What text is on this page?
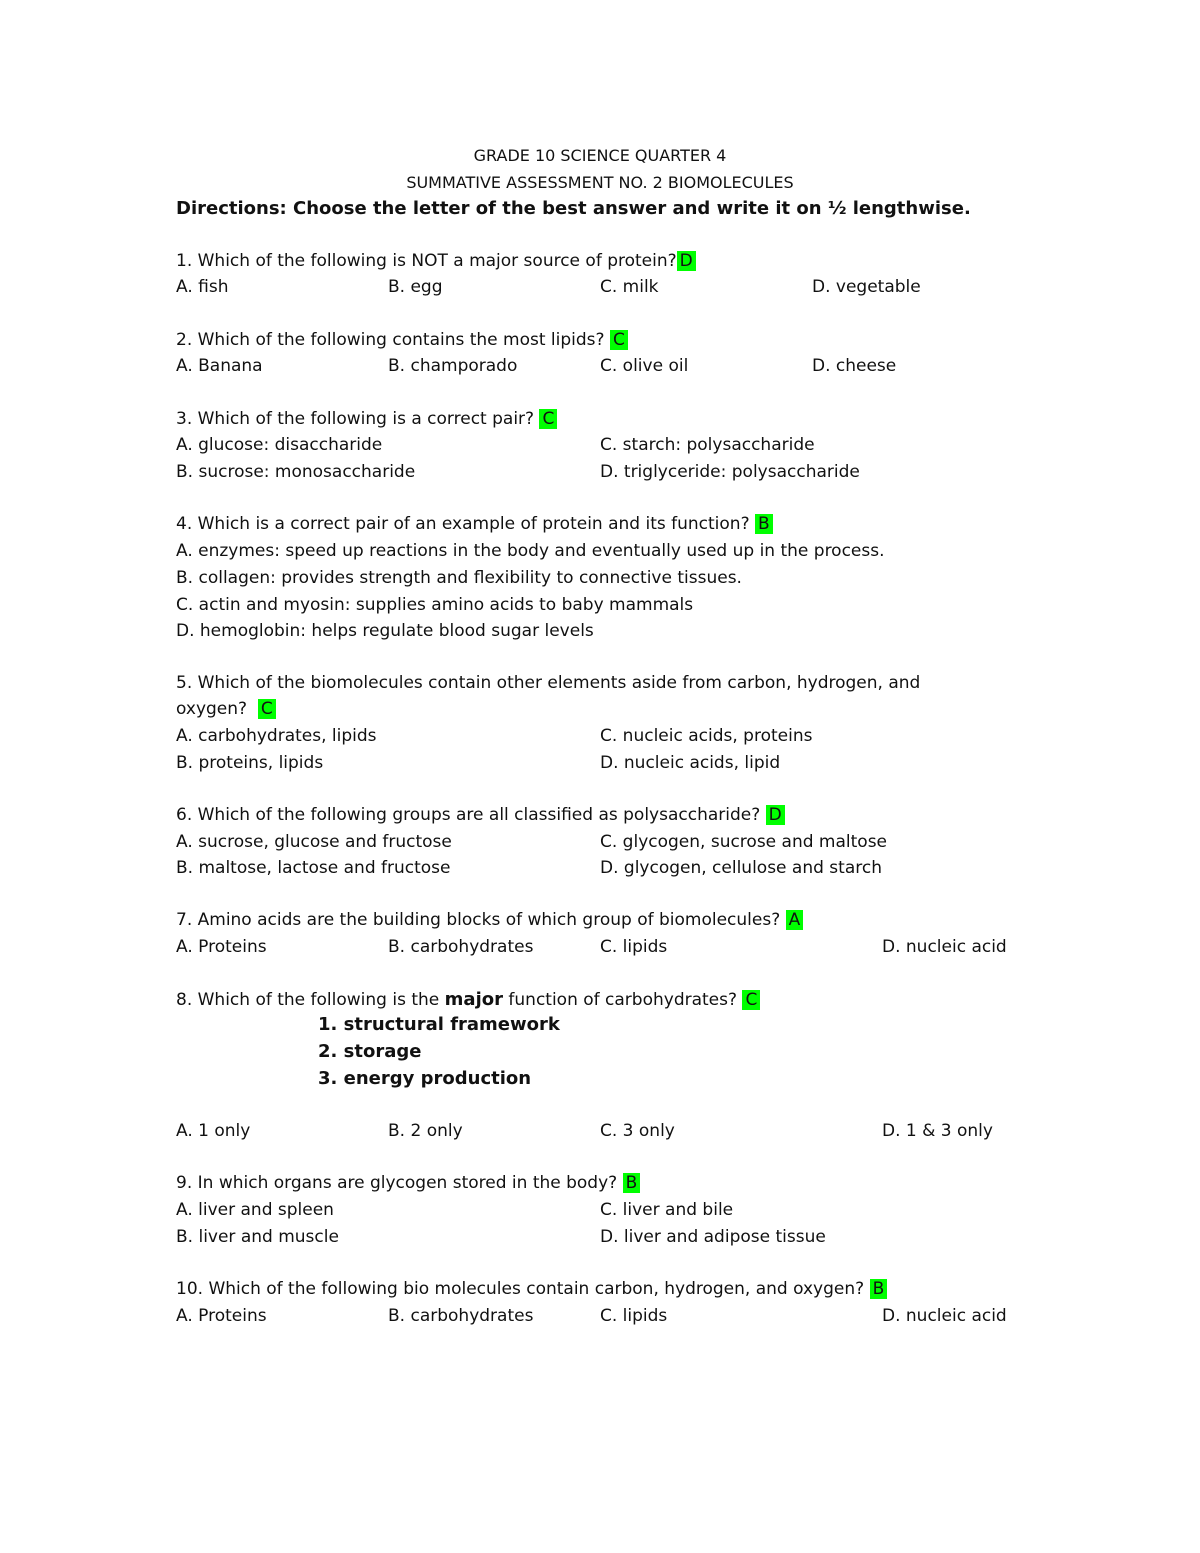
GRADE 10 SCIENCE QUARTER 4
SUMMATIVE ASSESSMENT NO. 2 BIOMOLECULES
Directions: Choose the letter of the best answer and write it on ½ lengthwise.
1. Which of the following is NOT a major source of protein? D
A. fish	B. egg	C. milk	D. vegetable
2. Which of the following contains the most lipids? C
A. Banana	B. champorado	C. olive oil	D. cheese
3. Which of the following is a correct pair? C
A. glucose: disaccharide	C. starch: polysaccharide
B. sucrose: monosaccharide	D. triglyceride: polysaccharide
4. Which is a correct pair of an example of protein and its function? B
A. enzymes: speed up reactions in the body and eventually used up in the process.
B. collagen: provides strength and flexibility to connective tissues.
C. actin and myosin: supplies amino acids to baby mammals
D. hemoglobin: helps regulate blood sugar levels
5. Which of the biomolecules contain other elements aside from carbon, hydrogen, and
oxygen? C
A. carbohydrates, lipids	C. nucleic acids, proteins
B. proteins, lipids	D. nucleic acids, lipid
6. Which of the following groups are all classified as polysaccharide? D
A. sucrose, glucose and fructose	C. glycogen, sucrose and maltose
B. maltose, lactose and fructose	D. glycogen, cellulose and starch
7. Amino acids are the building blocks of which group of biomolecules? A
A. Proteins	B. carbohydrates	C. lipids	D. nucleic acid
8. Which of the following is the major function of carbohydrates? C
1. structural framework
2. storage
3. energy production
A. 1 only	B. 2 only	C. 3 only	D. 1 & 3 only
9. In which organs are glycogen stored in the body? B
A. liver and spleen	C. liver and bile
B. liver and muscle	D. liver and adipose tissue
10. Which of the following bio molecules contain carbon, hydrogen, and oxygen? B
A. Proteins	B. carbohydrates	C. lipids	D. nucleic acid
